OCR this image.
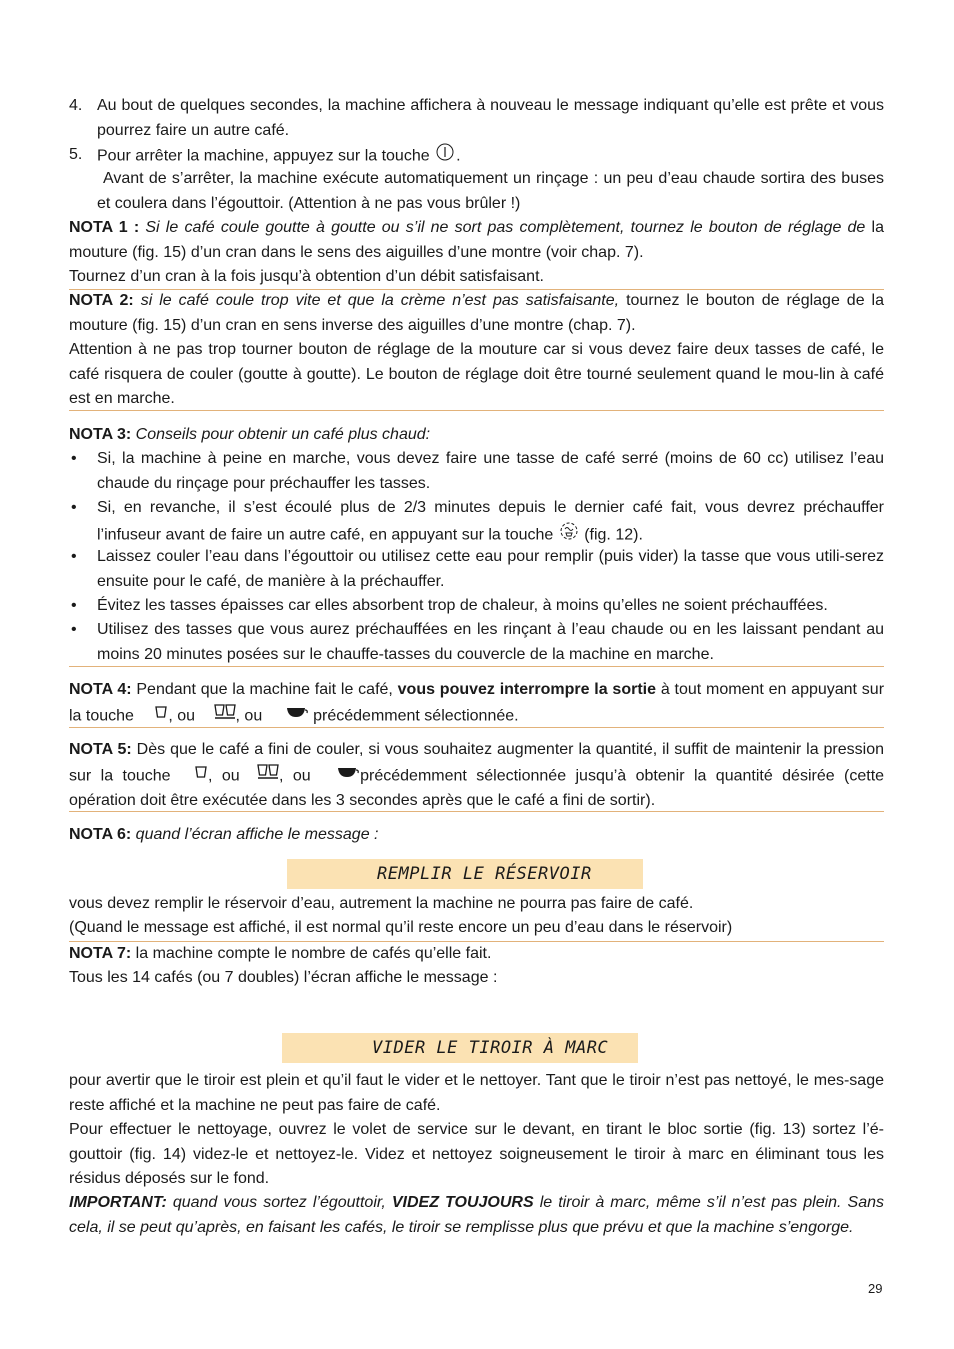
4. Au bout de quelques secondes, la machine affichera à nouveau le message indiquant qu’elle est prête et vous pourrez faire un autre café.

5. Pour arrêter la machine, appuyez sur la touche .

Avant de s’arrêter, la machine exécute automatiquement un rinçage : un peu d’eau chaude sortira des buses et coulera dans l’égouttoir. (Attention à ne pas vous brûler !)

NOTA 1 : Si le café coule goutte à goutte ou s’il ne sort pas complètement, tournez le bouton de réglage de la mouture (fig. 15) d’un cran dans le sens des aiguilles d’une montre (voir chap. 7).

Tournez d’un cran à la fois jusqu’à obtention d’un débit satisfaisant.

NOTA 2: si le café coule trop vite et que la crème n’est pas satisfaisante, tournez le bouton de réglage de la mouture (fig. 15) d’un cran en sens inverse des aiguilles d’une montre (chap. 7).

Attention à ne pas trop tourner bouton de réglage de la mouture car si vous devez faire deux tasses de café, le café risquera de couler (goutte à goutte). Le bouton de réglage doit être tourné seulement quand le mou-lin à café est en marche.

NOTA 3: Conseils pour obtenir un café plus chaud:

• Si, la machine à peine en marche, vous devez faire une tasse de café serré (moins de 60 cc) utilisez l’eau chaude du rinçage pour préchauffer les tasses.

• Si, en revanche, il s’est écoulé plus de 2/3 minutes depuis le dernier café fait, vous devrez préchauffer l’infuseur avant de faire un autre café, en appuyant sur la touche (fig. 12).

• Laissez couler l’eau dans l’égouttoir ou utilisez cette eau pour remplir (puis vider) la tasse que vous utili-serez ensuite pour le café, de manière à la préchauffer.

• Évitez les tasses épaisses car elles absorbent trop de chaleur, à moins qu’elles ne soient préchauffées.

• Utilisez des tasses que vous aurez préchauffées en les rinçant à l’eau chaude ou en les laissant pendant au moins 20 minutes posées sur le chauffe-tasses du couvercle de la machine en marche.

NOTA 4: Pendant que la machine fait le café, vous pouvez interrompre la sortie à tout moment en appuyant sur la touche , ou	, ou	précédemment sélectionnée.

NOTA 5: Dès que le café a fini de couler, si vous souhaitez augmenter la quantité, il suffit de maintenir la pression sur la touche , ou , ou	précédemment sélectionnée jusqu’à obtenir la quantité désirée (cette opération doit être exécutée dans les 3 secondes après que le café a fini de sortir).

NOTA 6: quand l’écran affiche le message :

REMPLIR LE RÉSERVOIR

vous devez remplir le réservoir d’eau, autrement la machine ne pourra pas faire de café.

(Quand le message est affiché, il est normal qu’il reste encore un peu d’eau dans le réservoir)

NOTA 7: la machine compte le nombre de cafés qu’elle fait.

Tous les 14 cafés (ou 7 doubles) l’écran affiche le message :

VIDER LE TIROIR À MARC

pour avertir que le tiroir est plein et qu’il faut le vider et le nettoyer. Tant que le tiroir n’est pas nettoyé, le mes-sage reste affiché et la machine ne peut pas faire de café.

Pour effectuer le nettoyage, ouvrez le volet de service sur le devant, en tirant le bloc sortie (fig. 13) sortez l’é-gouttoir (fig. 14) videz-le et nettoyez-le. Videz et nettoyez soigneusement le tiroir à marc en éliminant tous les résidus déposés sur le fond.

IMPORTANT: quand vous sortez l’égouttoir, VIDEZ TOUJOURS le tiroir à marc, même s’il n’est pas plein. Sans cela, il se peut qu’après, en faisant les cafés, le tiroir se remplisse plus que prévu et que la machine s’engorge.

29
